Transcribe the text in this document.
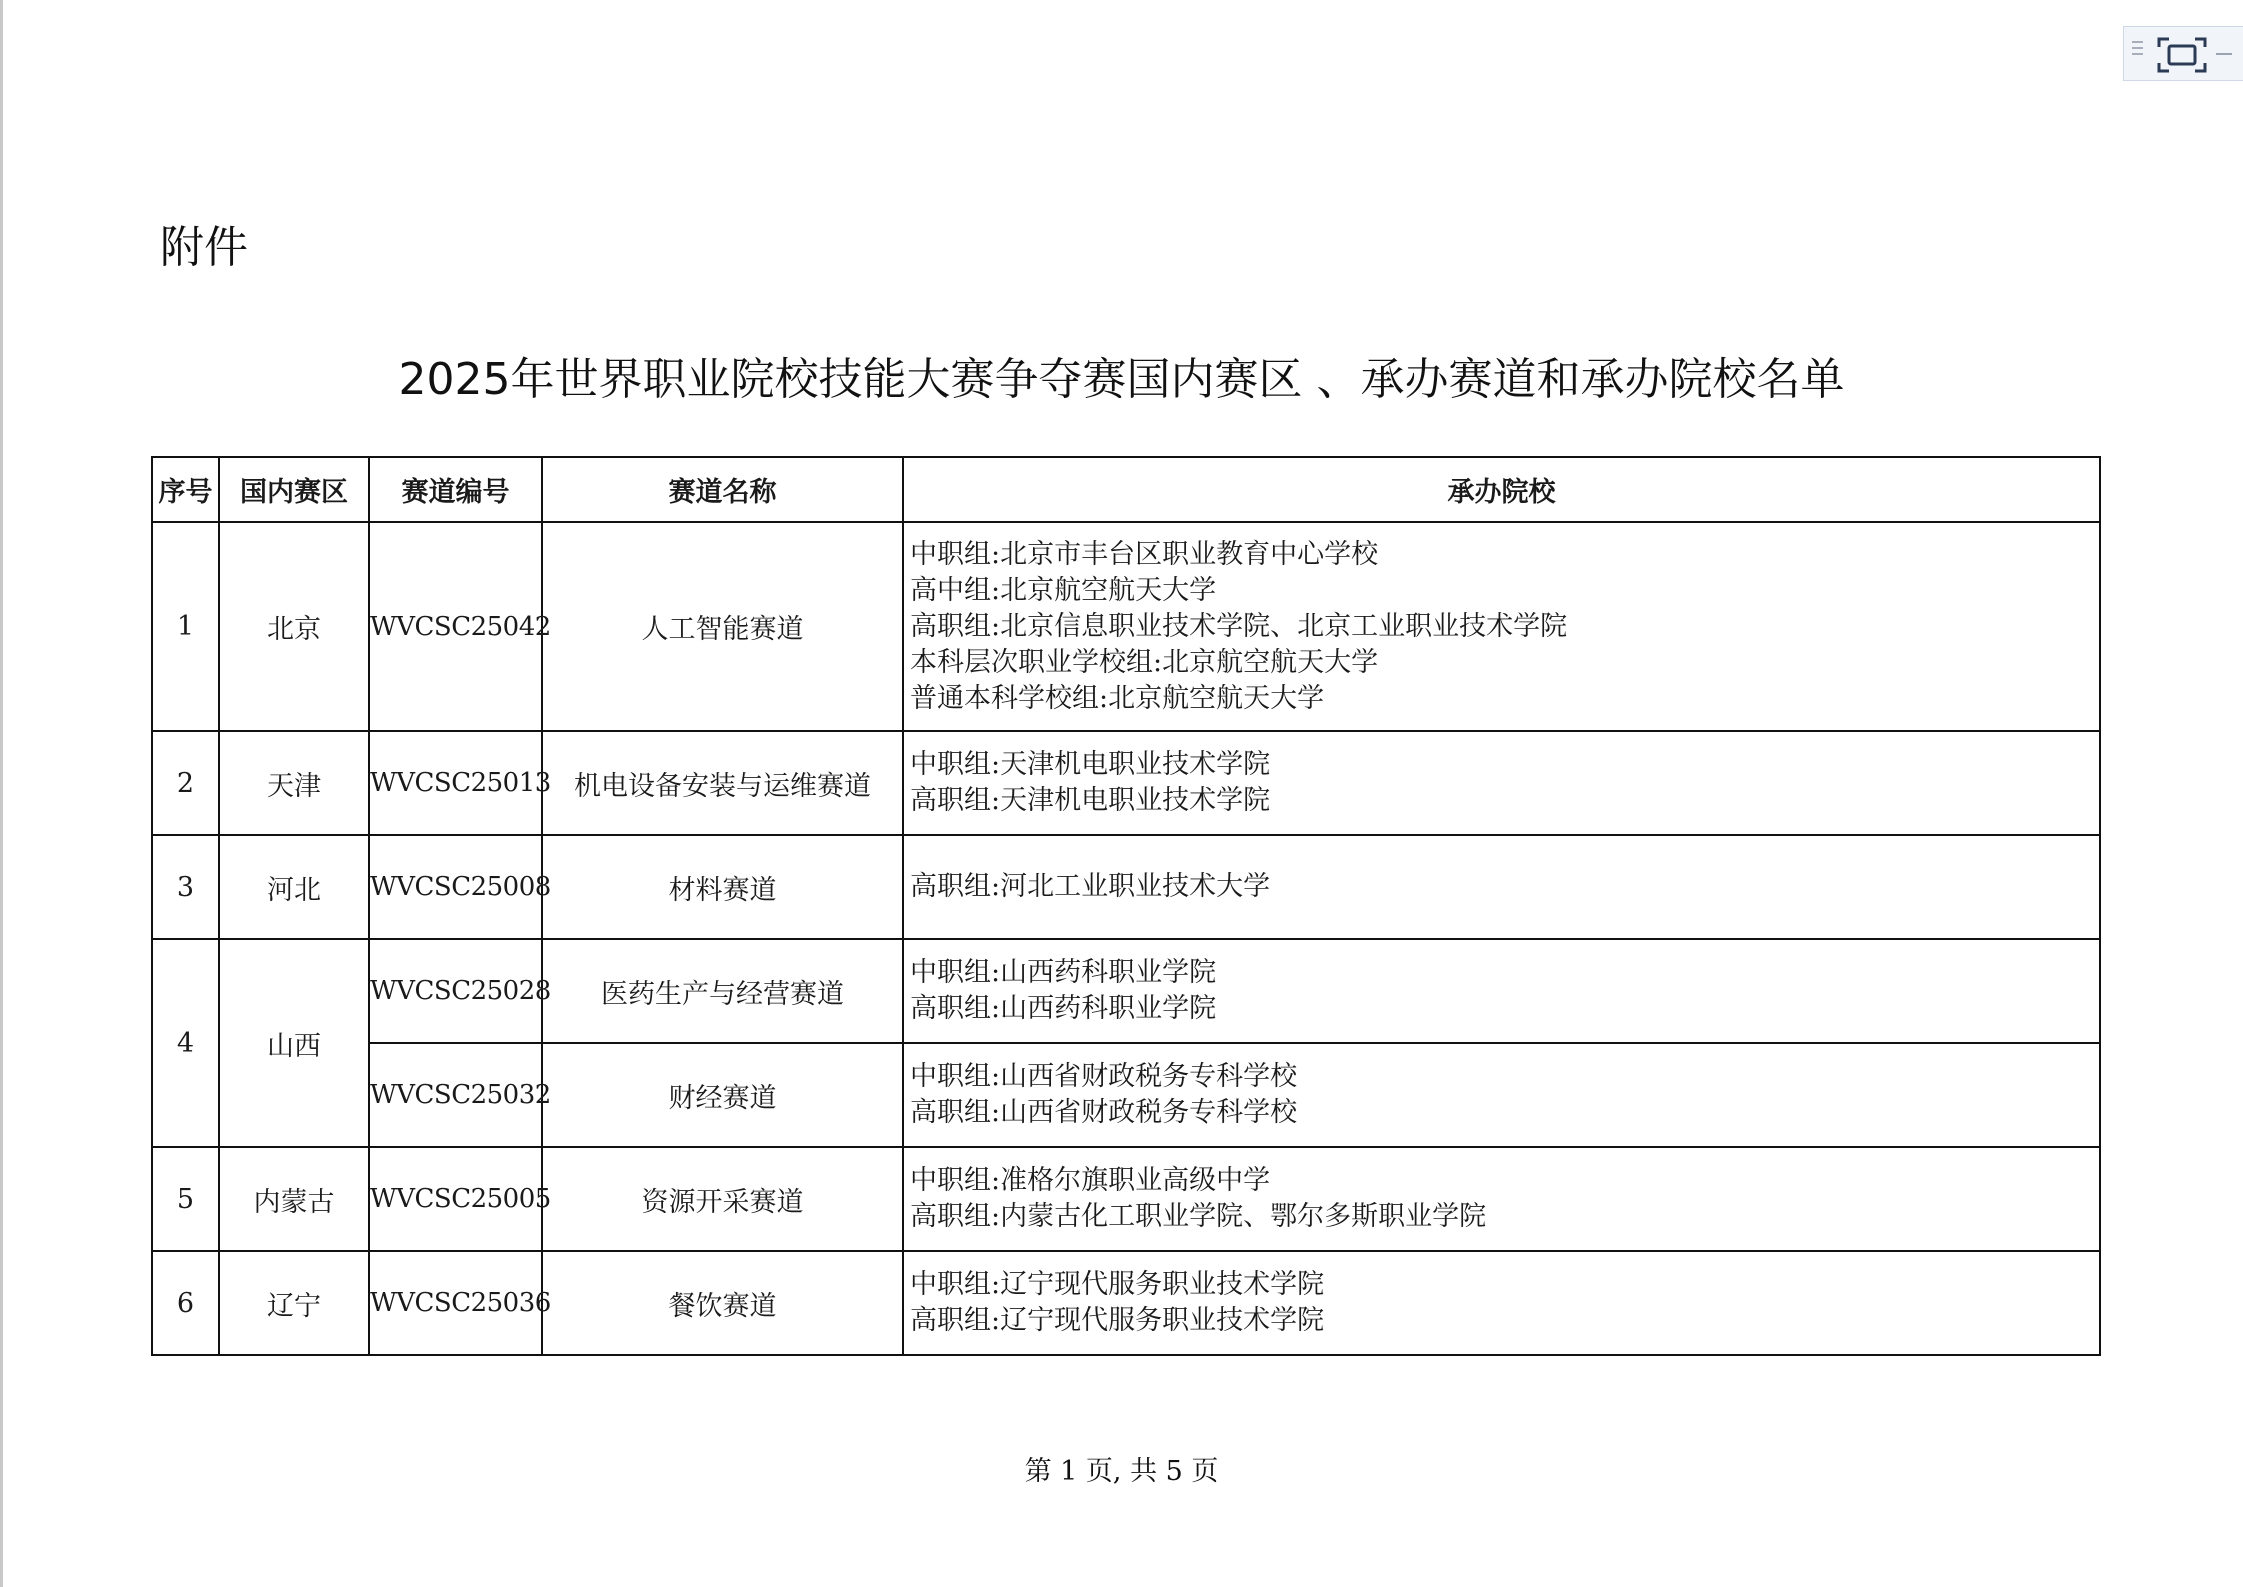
附件
2025年世界职业院校技能大赛争夺赛国内赛区 、承办赛道和承办院校名单
序号	国内赛区	赛道编号	赛道名称	承办院校
1	北京	WVCSC25042	人工智能赛道	中职组:北京市丰台区职业教育中心学校
高中组:北京航空航天大学
高职组:北京信息职业技术学院、北京工业职业技术学院
本科层次职业学校组:北京航空航天大学
普通本科学校组:北京航空航天大学

2	天津	WVCSC25013	机电设备安装与运维赛道	中职组:天津机电职业技术学院
高职组:天津机电职业技术学院

3	河北	WVCSC25008	材料赛道	高职组:河北工业职业技术大学

4	山西	WVCSC25028	医药生产与经营赛道	中职组:山西药科职业学院
高职组:山西药科职业学院

		WVCSC25032	财经赛道	中职组:山西省财政税务专科学校
高职组:山西省财政税务专科学校

5	内蒙古	WVCSC25005	资源开采赛道	中职组:准格尔旗职业高级中学
高职组:内蒙古化工职业学院、鄂尔多斯职业学院

6	辽宁	WVCSC25036	餐饮赛道	中职组:辽宁现代服务职业技术学院
高职组:辽宁现代服务职业技术学院
第 1 页, 共 5 页
